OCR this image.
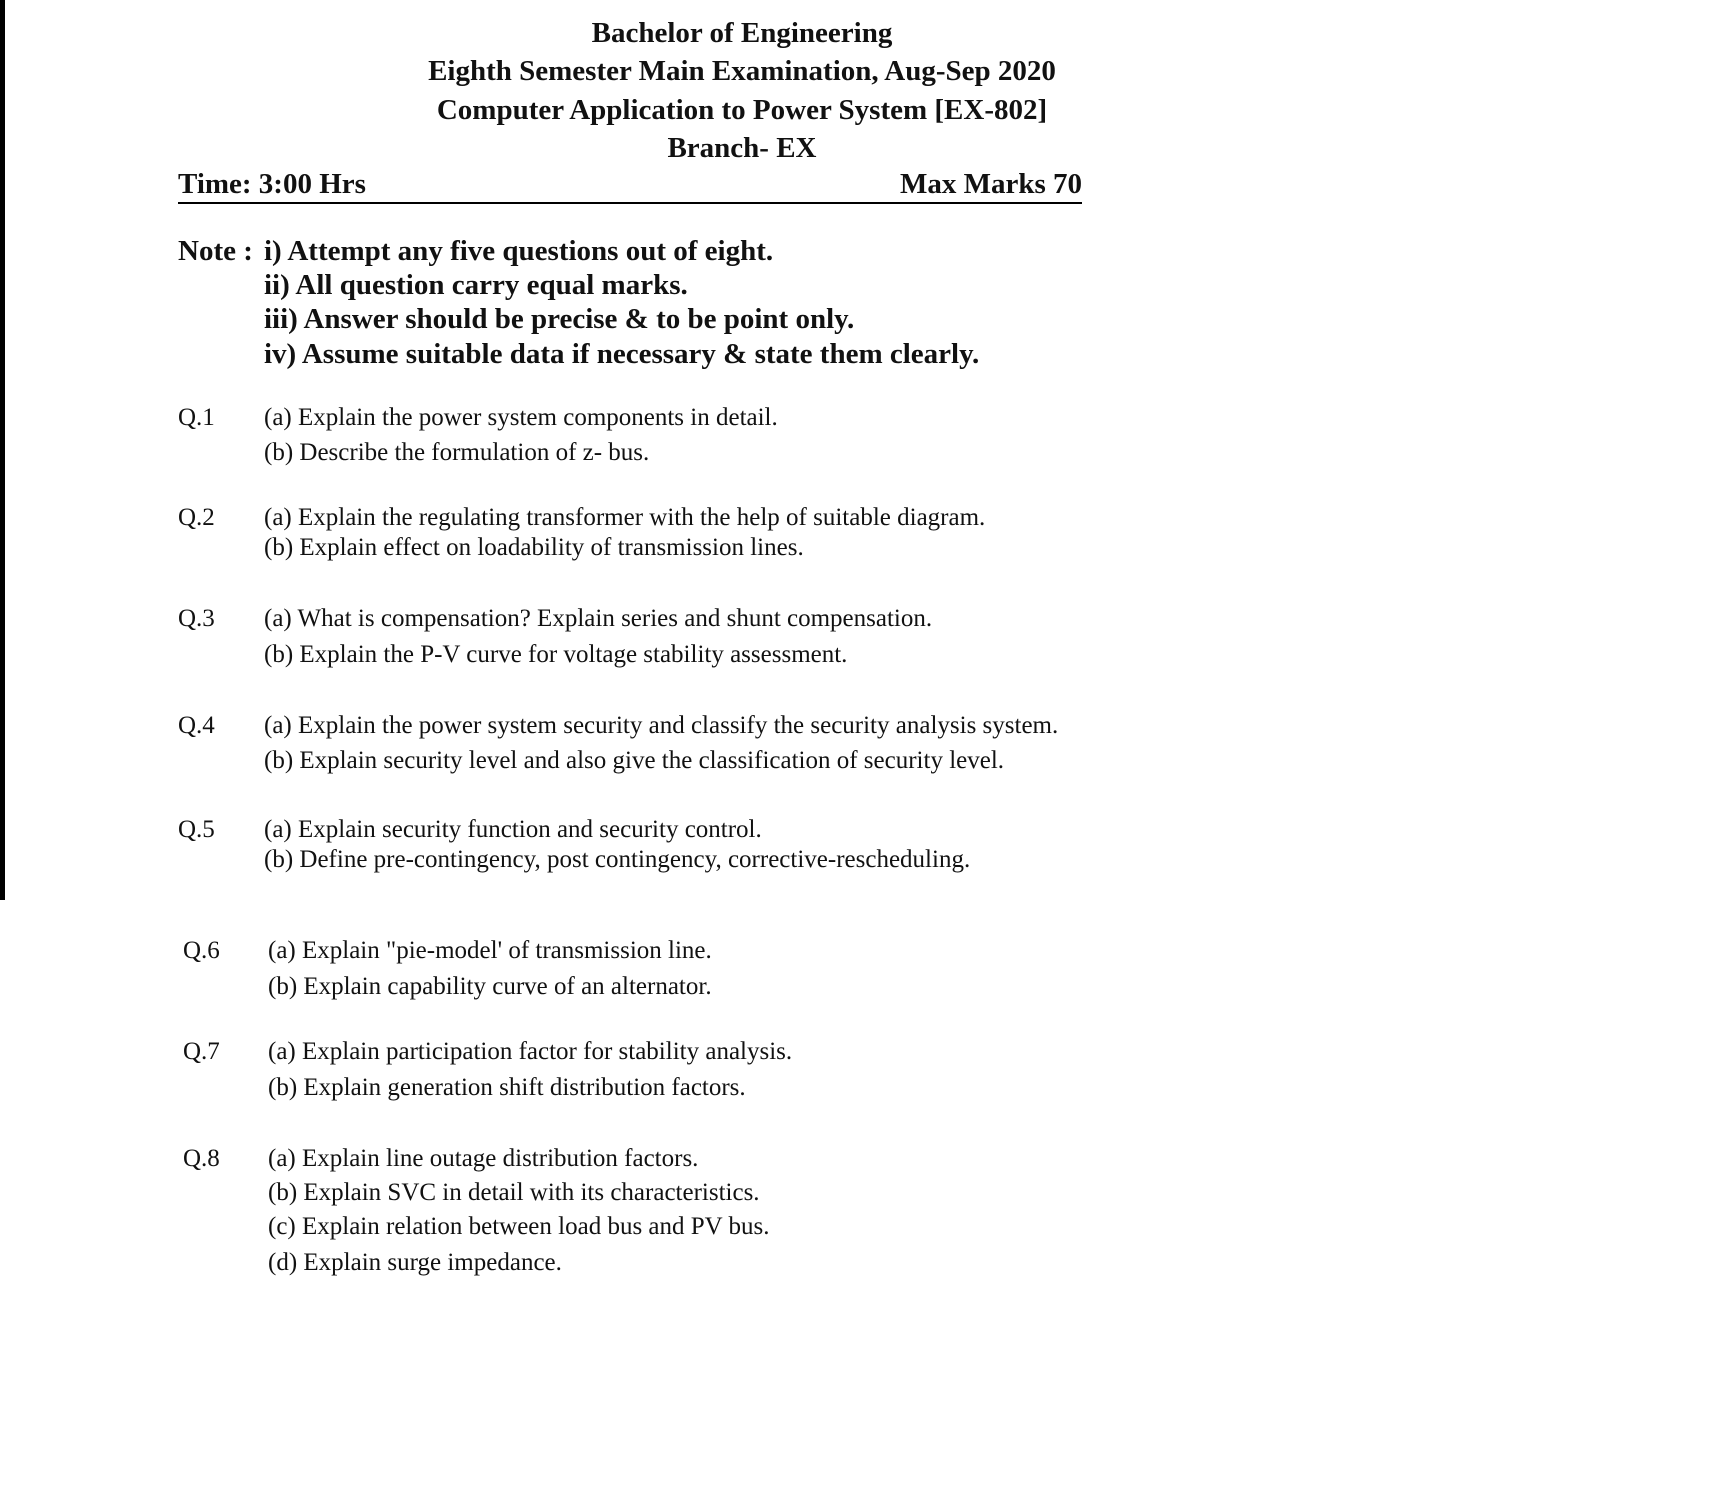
Bachelor of Engineering
Eighth Semester Main Examination, Aug-Sep 2020
Computer Application to Power System [EX-802]
Branch- EX
Time: 3:00 Hrs	Max Marks 70
Note : i) Attempt any five questions out of eight.
ii) All question carry equal marks.
iii) Answer should be precise & to be point only.
iv) Assume suitable data if necessary & state them clearly.
Q.1 (a) Explain the power system components in detail.
(b) Describe the formulation of z- bus.
Q.2 (a) Explain the regulating transformer with the help of suitable diagram.
(b) Explain effect on loadability of transmission lines.
Q.3 (a) What is compensation? Explain series and shunt compensation.
(b) Explain the P-V curve for voltage stability assessment.
Q.4 (a) Explain the power system security and classify the security analysis system.
(b) Explain security level and also give the classification of security level.
Q.5 (a) Explain security function and security control.
(b) Define pre-contingency, post contingency, corrective-rescheduling.
Q.6 (a) Explain "pie-model' of transmission line.
(b) Explain capability curve of an alternator.
Q.7 (a) Explain participation factor for stability analysis.
(b) Explain generation shift distribution factors.
Q.8 (a) Explain line outage distribution factors.
(b) Explain SVC in detail with its characteristics.
(c) Explain relation between load bus and PV bus.
(d) Explain surge impedance.
